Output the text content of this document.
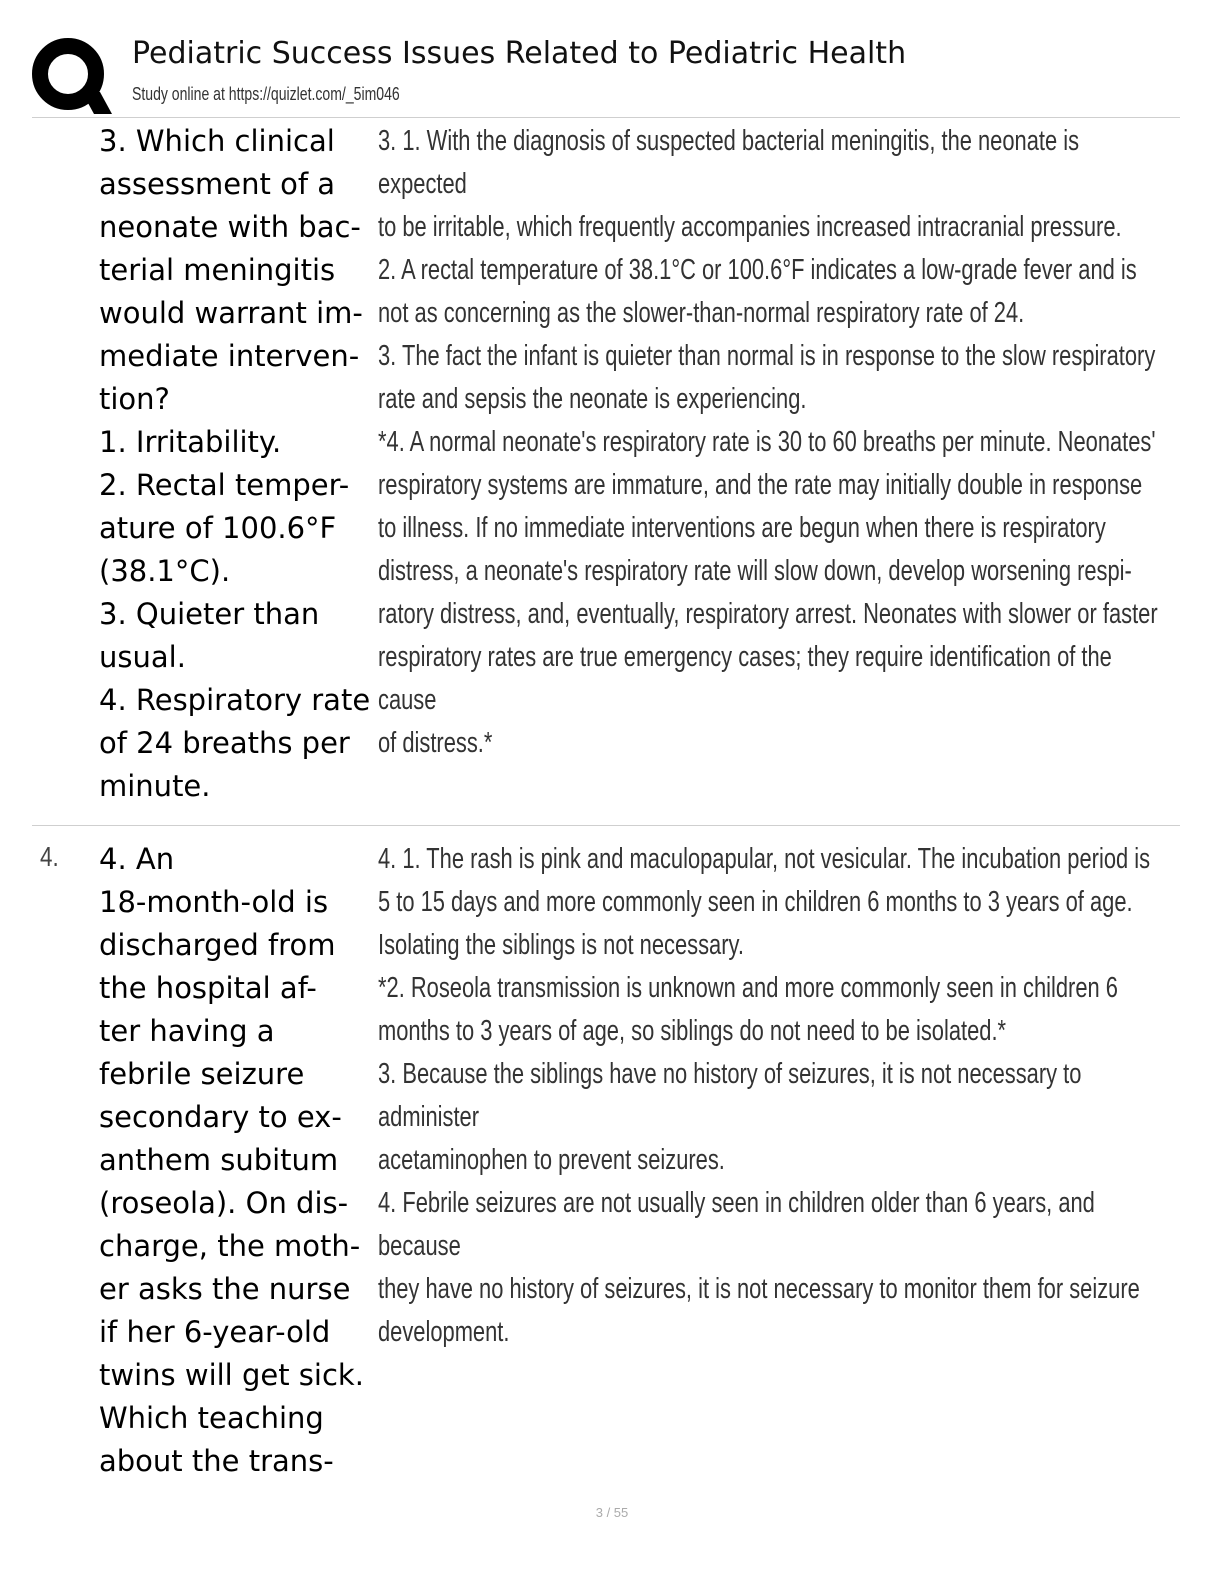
Pediatric Success Issues Related to Pediatric Health
Study online at https://quizlet.com/_5im046
3. Which clinical
assessment of a
neonate with bac-
terial meningitis
would warrant im-
mediate interven-
tion?
1. Irritability.
2. Rectal temper-
ature of 100.6°F
(38.1°C).
3. Quieter than
usual.
4. Respiratory rate
of 24 breaths per
minute.
3. 1. With the diagnosis of suspected bacterial meningitis, the neonate is expected
to be irritable, which frequently accompanies increased intracranial pressure.
2. A rectal temperature of 38.1°C or 100.6°F indicates a low-grade fever and is
not as concerning as the slower-than-normal respiratory rate of 24.
3. The fact the infant is quieter than normal is in response to the slow respiratory
rate and sepsis the neonate is experiencing.
*4. A normal neonate's respiratory rate is 30 to 60 breaths per minute. Neonates'
respiratory systems are immature, and the rate may initially double in response
to illness. If no immediate interventions are begun when there is respiratory
distress, a neonate's respiratory rate will slow down, develop worsening respi-
ratory distress, and, eventually, respiratory arrest. Neonates with slower or faster
respiratory rates are true emergency cases; they require identification of the cause
of distress.*
4. 4. An
18-month-old is
discharged from
the hospital af-
ter having a
febrile seizure
secondary to ex-
anthem subitum
(roseola). On dis-
charge, the moth-
er asks the nurse
if her 6-year-old
twins will get sick.
Which teaching
about the trans-
4. 1. The rash is pink and maculopapular, not vesicular. The incubation period is
5 to 15 days and more commonly seen in children 6 months to 3 years of age.
Isolating the siblings is not necessary.
*2. Roseola transmission is unknown and more commonly seen in children 6
months to 3 years of age, so siblings do not need to be isolated.*
3. Because the siblings have no history of seizures, it is not necessary to administer
acetaminophen to prevent seizures.
4. Febrile seizures are not usually seen in children older than 6 years, and because
they have no history of seizures, it is not necessary to monitor them for seizure
development.
3 / 55
